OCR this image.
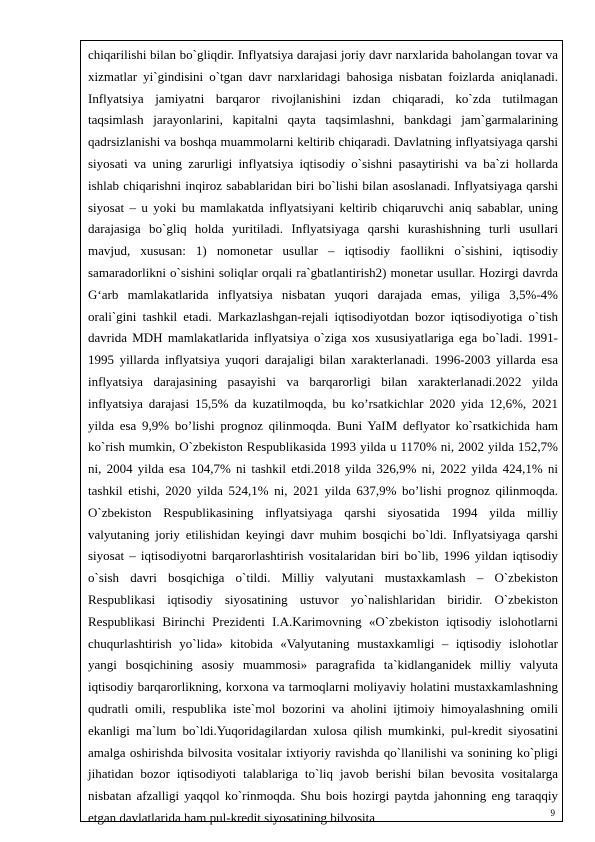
chiqarilishi bilan bo`gliqdir. Inflyatsiya darajasi joriy davr narxlarida baholangan tovar va xizmatlar yi`gindisini o`tgan davr narxlaridagi bahosiga nisbatan foizlarda aniqlanadi. Inflyatsiya jamiyatni barqaror rivojlanishini izdan chiqaradi, ko`zda tutilmagan taqsimlash jarayonlarini, kapitalni qayta taqsimlashni, bankdagi jam`garmalarining qadrsizlanishi va boshqa muammolarni keltirib chiqaradi. Davlatning inflyatsiyaga qarshi siyosati va uning zarurligi inflyatsiya iqtisodiy o`sishni pasaytirishi va ba`zi hollarda ishlab chiqarishni inqiroz sabablaridan biri bo`lishi bilan asoslanadi. Inflyatsiyaga qarshi siyosat – u yoki bu mamlakatda inflyatsiyani keltirib chiqaruvchi aniq sabablar, uning darajasiga bo`gliq holda yuritiladi. Inflyatsiyaga qarshi kurashishning turli usullari mavjud, xususan: 1) nomonetar usullar – iqtisodiy faollikni o`sishini, iqtisodiy samaradorlikni o`sishini soliqlar orqali ra`gbatlantirish2) monetar usullar. Hozirgi davrda G‘arb mamlakatlarida inflyatsiya nisbatan yuqori darajada emas, yiliga 3,5%-4% orali`gini tashkil etadi. Markazlashgan-rejali iqtisodiyotdan bozor iqtisodiyotiga o`tish davrida MDH mamlakatlarida inflyatsiya o`ziga xos xususiyatlariga ega bo`ladi. 1991-1995 yillarda inflyatsiya yuqori darajaligi bilan xarakterlanadi. 1996-2003 yillarda esa inflyatsiya darajasining pasayishi va barqarorligi bilan xarakterlanadi.2022 yilda inflyatsiya darajasi 15,5% da kuzatilmoqda, bu ko’rsatkichlar 2020 yida 12,6%, 2021 yilda esa 9,9% bo’lishi prognoz qilinmoqda. Buni YaIM deflyator ko`rsatkichida ham ko`rish mumkin, O`zbekiston Respublikasida 1993 yilda u 1170% ni, 2002 yilda 152,7% ni, 2004 yilda esa 104,7% ni tashkil etdi.2018 yilda 326,9% ni, 2022 yilda 424,1% ni tashkil etishi, 2020 yilda 524,1% ni, 2021 yilda 637,9% bo’lishi prognoz qilinmoqda. O`zbekiston Respublikasining inflyatsiyaga qarshi siyosatida 1994 yilda milliy valyutaning joriy etilishidan keyingi davr muhim bosqichi bo`ldi. Inflyatsiyaga qarshi siyosat – iqtisodiyotni barqarorlashtirish vositalaridan biri bo`lib, 1996 yildan iqtisodiy o`sish davri bosqichiga o`tildi. Milliy valyutani mustaxkamlash – O`zbekiston Respublikasi iqtisodiy siyosatining ustuvor yo`nalishlaridan biridir. O`zbekiston Respublikasi Birinchi Prezidenti I.A.Karimovning «O`zbekiston iqtisodiy islohotlarni chuqurlashtirish yo`lida» kitobida «Valyutaning mustaxkamligi – iqtisodiy islohotlar yangi bosqichining asosiy muammosi» paragrafida ta`kidlanganidek milliy valyuta iqtisodiy barqarorlikning, korxona va tarmoqlarni moliyaviy holatini mustaxkamlashning qudratli omili, respublika iste`mol bozorini va aholini ijtimoiy himoyalashning omili ekanligi ma`lum bo`ldi.Yuqoridagilardan xulosa qilish mumkinki, pul-kredit siyosatini amalga oshirishda bilvosita vositalar ixtiyoriy ravishda qo`llanilishi va sonining ko`pligi jihatidan bozor iqtisodiyoti talablariga to`liq javob berishi bilan bevosita vositalarga nisbatan afzalligi yaqqol ko`rinmoqda. Shu bois hozirgi paytda jahonning eng taraqqiy etgan davlatlarida ham pul-kredit siyosatining bilvosita	9
